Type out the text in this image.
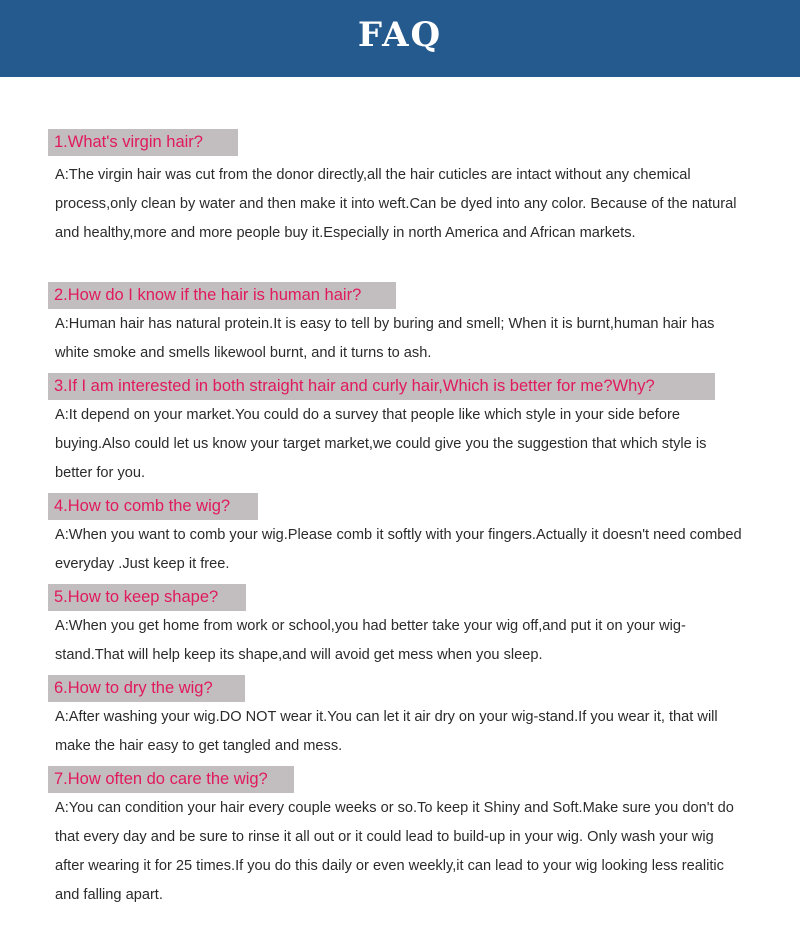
FAQ
1.What's virgin hair?

A:The virgin hair was cut from the donor directly,all the hair cuticles are intact without any chemical process,only clean by water and then make it into weft.Can be dyed into any color. Because of the natural and healthy,more and more people buy it.Especially in north America and African markets.

2.How do I know if the hair is human hair?

A:Human hair has natural protein.It is easy to tell by buring and smell; When it is burnt,human hair has white smoke and smells likewool burnt, and it turns to ash.

3.If I am interested in both straight hair and curly hair,Which is better for me?Why?

A:It depend on your market.You could do a survey that people like which style in your side before buying.Also could let us know your target market,we could give you the suggestion that which style is better for you.

4.How to comb the wig?

A:When you want to comb your wig.Please comb it softly with your fingers.Actually it doesn't need combed everyday .Just keep it free.

5.How to keep shape?

A:When you get home from work or school,you had better take your wig off,and put it on your wig-stand.That will help keep its shape,and will avoid get mess when you sleep.

6.How to dry the wig?

A:After washing your wig.DO NOT wear it.You can let it air dry on your wig-stand.If you wear it, that will make the hair easy to get tangled and mess.

7.How often do care the wig?

A:You can condition your hair every couple weeks or so.To keep it Shiny and Soft.Make sure you don't do that every day and be sure to rinse it all out or it could lead to build-up in your wig. Only wash your wig after wearing it for 25 times.If you do this daily or even weekly,it can lead to your wig looking less realitic and falling apart.
